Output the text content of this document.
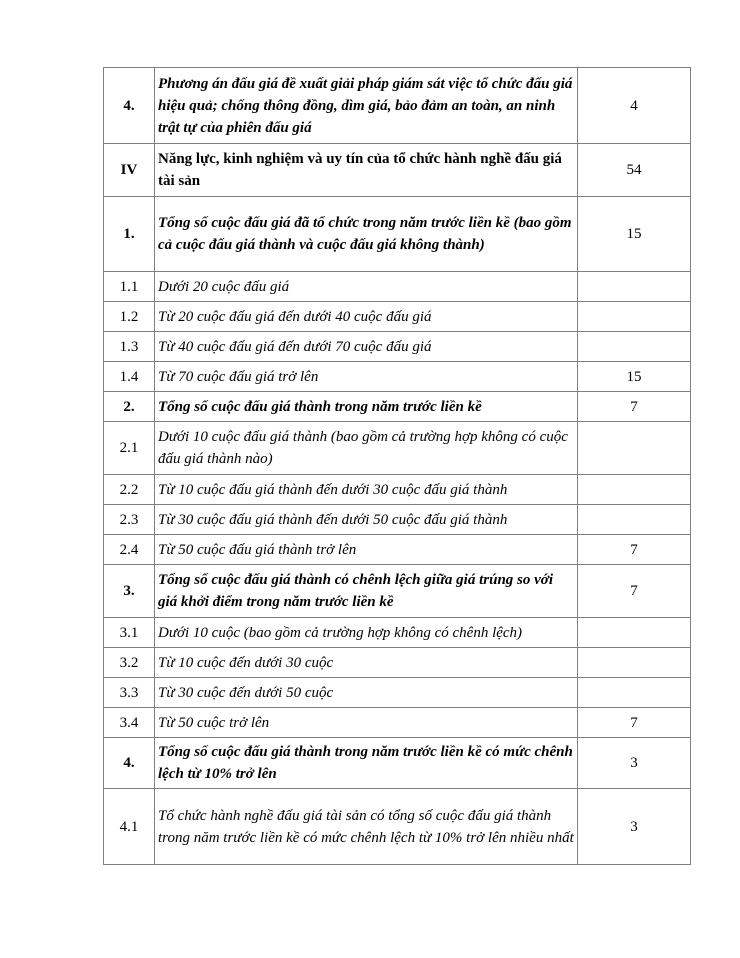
4.	Phương án đấu giá đề xuất giải pháp giám sát việc tổ chức đấu giá hiệu quả; chống thông đồng, dìm giá, bảo đảm an toàn, an ninh trật tự của phiên đấu giá	4
IV	Năng lực, kinh nghiệm và uy tín của tổ chức hành nghề đấu giá tài sản	54
1.	Tổng số cuộc đấu giá đã tổ chức trong năm trước liền kề (bao gồm cả cuộc đấu giá thành và cuộc đấu giá không thành)	15
1.1	Dưới 20 cuộc đấu giá	
1.2	Từ 20 cuộc đấu giá đến dưới 40 cuộc đấu giá	
1.3	Từ 40 cuộc đấu giá đến dưới 70 cuộc đấu giá	
1.4	Từ 70 cuộc đấu giá trở lên	15
2.	Tổng số cuộc đấu giá thành trong năm trước liền kề	7
2.1	Dưới 10 cuộc đấu giá thành (bao gồm cả trường hợp không có cuộc đấu giá thành nào)	
2.2	Từ 10 cuộc đấu giá thành đến dưới 30 cuộc đấu giá thành	
2.3	Từ 30 cuộc đấu giá thành đến dưới 50 cuộc đấu giá thành	
2.4	Từ 50 cuộc đấu giá thành trở lên	7
3.	Tổng số cuộc đấu giá thành có chênh lệch giữa giá trúng so với giá khởi điểm trong năm trước liền kề	7
3.1	Dưới 10 cuộc (bao gồm cả trường hợp không có chênh lệch)	
3.2	Từ 10 cuộc đến dưới 30 cuộc	
3.3	Từ 30 cuộc đến dưới 50 cuộc	
3.4	Từ 50 cuộc trở lên	7
4.	Tổng số cuộc đấu giá thành trong năm trước liền kề có mức chênh lệch từ 10% trở lên	3
4.1	Tổ chức hành nghề đấu giá tài sản có tổng số cuộc đấu giá thành trong năm trước liền kề có mức chênh lệch từ 10% trở lên nhiều nhất	3
